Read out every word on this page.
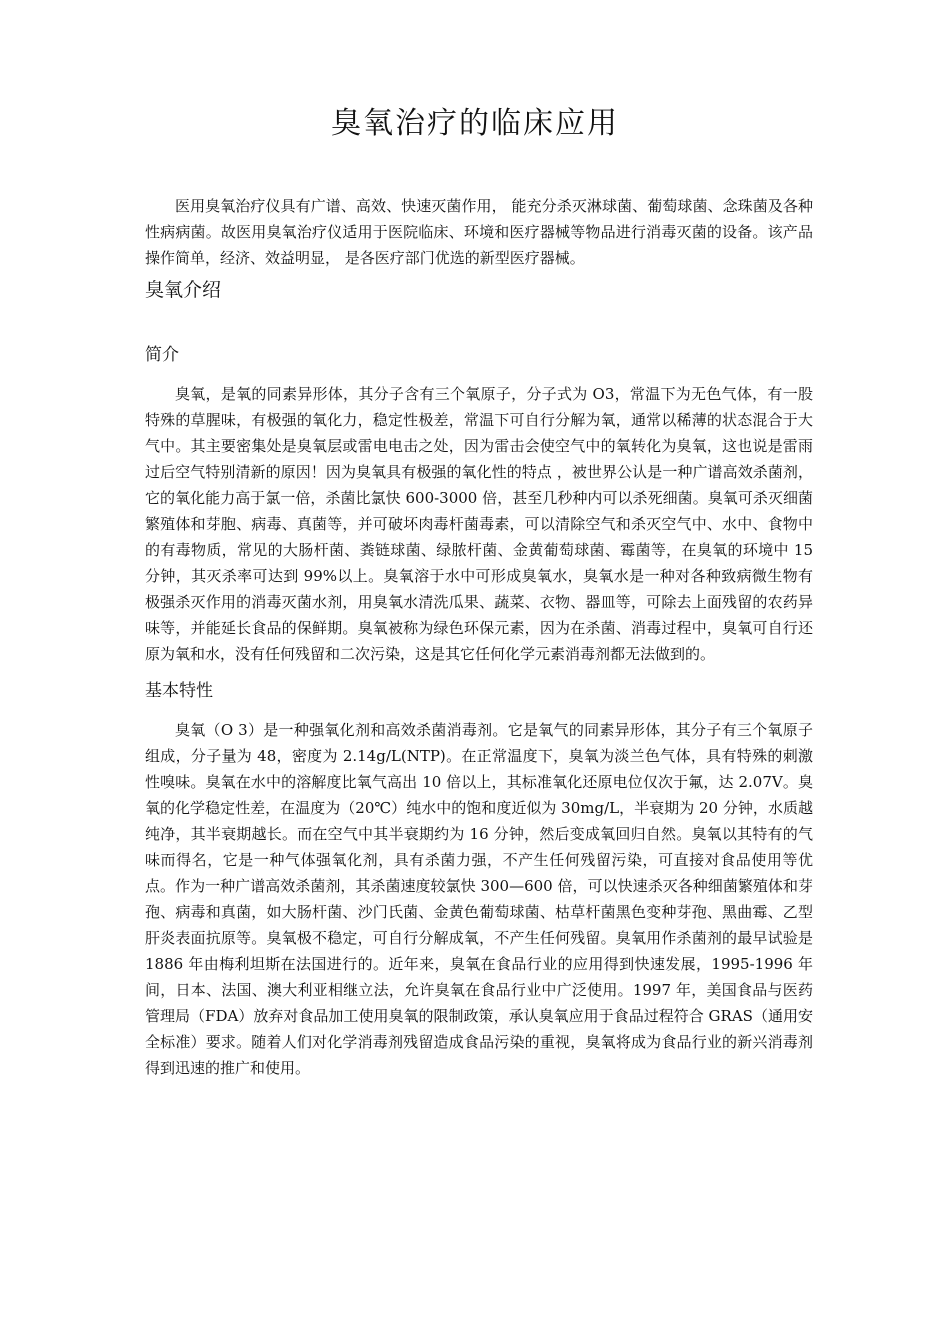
臭氧治疗的临床应用

医用臭氧治疗仪具有广谱、高效、快速灭菌作用， 能充分杀灭淋球菌、葡萄球菌、念珠菌及各种性病病菌。故医用臭氧治疗仪适用于医院临床、环境和医疗器械等物品进行消毒灭菌的设备。该产品操作简单，经济、效益明显， 是各医疗部门优选的新型医疗器械。

臭氧介绍
简介

臭氧，是氧的同素异形体，其分子含有三个氧原子，分子式为 O3，常温下为无色气体，有一股特殊的草腥味，有极强的氧化力，稳定性极差，常温下可自行分解为氧，通常以稀薄的状态混合于大气中。其主要密集处是臭氧层或雷电电击之处，因为雷击会使空气中的氧转化为臭氧，这也说是雷雨过后空气特别清新的原因！因为臭氧具有极强的氧化性的特点 ，被世界公认是一种广谱高效杀菌剂，它的氧化能力高于氯一倍，杀菌比氯快 600-3000 倍，甚至几秒种内可以杀死细菌。臭氧可杀灭细菌繁殖体和芽胞、病毒、真菌等，并可破坏肉毒杆菌毒素，可以清除空气和杀灭空气中、水中、食物中的有毒物质，常见的大肠杆菌、粪链球菌、绿脓杆菌、金黄葡萄球菌、霉菌等，在臭氧的环境中 15 分钟，其灭杀率可达到 99%以上。臭氧溶于水中可形成臭氧水，臭氧水是一种对各种致病微生物有极强杀灭作用的消毒灭菌水剂，用臭氧水清洗瓜果、蔬菜、衣物、器皿等，可除去上面残留的农药异味等，并能延长食品的保鲜期。臭氧被称为绿色环保元素，因为在杀菌、消毒过程中，臭氧可自行还原为氧和水，没有任何残留和二次污染，这是其它任何化学元素消毒剂都无法做到的。

基本特性

臭氧（O 3）是一种强氧化剂和高效杀菌消毒剂。它是氧气的同素异形体，其分子有三个氧原子组成，分子量为 48，密度为 2.14g/L(NTP)。在正常温度下，臭氧为淡兰色气体，具有特殊的刺激性嗅味。臭氧在水中的溶解度比氧气高出 10 倍以上，其标准氧化还原电位仅次于氟，达 2.07V。臭氧的化学稳定性差，在温度为（20℃）纯水中的饱和度近似为 30mg/L，半衰期为 20 分钟，水质越纯净，其半衰期越长。而在空气中其半衰期约为 16 分钟，然后变成氧回归自然。臭氧以其特有的气味而得名，它是一种气体强氧化剂，具有杀菌力强，不产生任何残留污染，可直接对食品使用等优点。作为一种广谱高效杀菌剂，其杀菌速度较氯快 300—600 倍，可以快速杀灭各种细菌繁殖体和芽孢、病毒和真菌，如大肠杆菌、沙门氏菌、金黄色葡萄球菌、枯草杆菌黑色变种芽孢、黑曲霉、乙型肝炎表面抗原等。臭氧极不稳定，可自行分解成氧，不产生任何残留。臭氧用作杀菌剂的最早试验是 1886 年由梅利坦斯在法国进行的。近年来，臭氧在食品行业的应用得到快速发展，1995-1996 年间，日本、法国、澳大利亚相继立法，允许臭氧在食品行业中广泛使用。1997 年，美国食品与医药管理局（FDA）放弃对食品加工使用臭氧的限制政策，承认臭氧应用于食品过程符合 GRAS（通用安全标准）要求。随着人们对化学消毒剂残留造成食品污染的重视，臭氧将成为食品行业的新兴消毒剂得到迅速的推广和使用。
